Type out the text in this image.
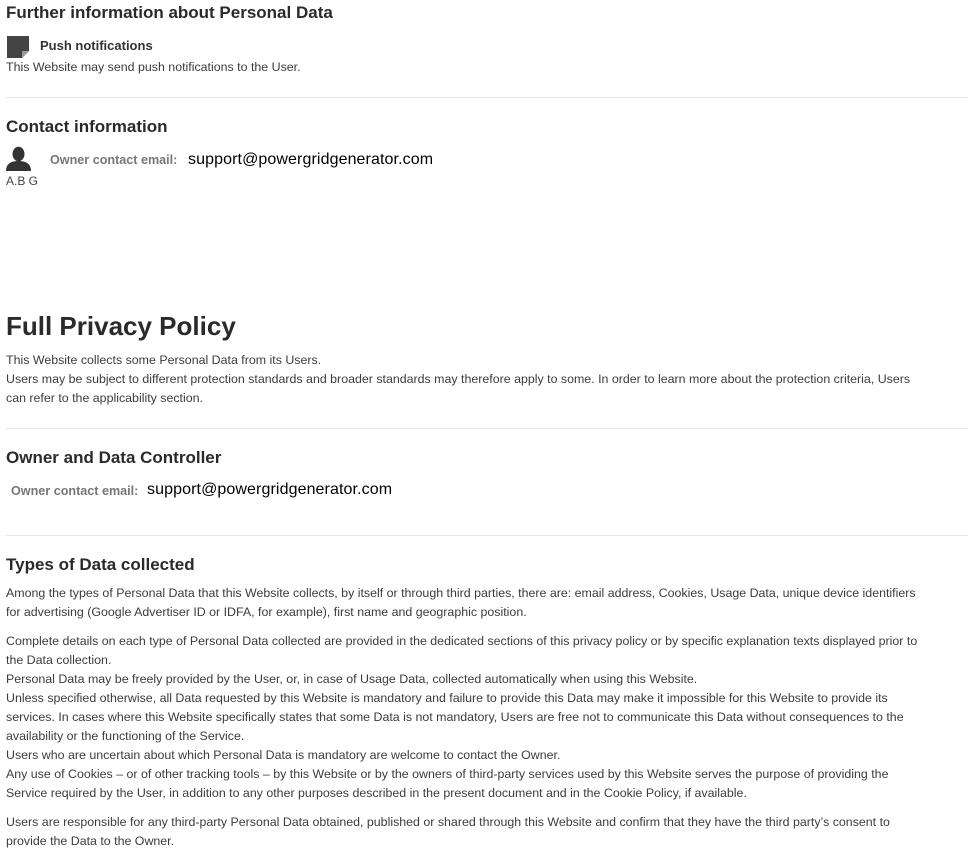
Further information about Personal Data
Push notifications
This Website may send push notifications to the User.
Contact information
Owner contact email: support@powergridgenerator.com
A.B G
Full Privacy Policy
This Website collects some Personal Data from its Users.
Users may be subject to different protection standards and broader standards may therefore apply to some. In order to learn more about the protection criteria, Users
can refer to the applicability section.
Owner and Data Controller
Owner contact email: support@powergridgenerator.com
Types of Data collected
Among the types of Personal Data that this Website collects, by itself or through third parties, there are: email address, Cookies, Usage Data, unique device identifiers
for advertising (Google Advertiser ID or IDFA, for example), first name and geographic position.
Complete details on each type of Personal Data collected are provided in the dedicated sections of this privacy policy or by specific explanation texts displayed prior to
the Data collection.
Personal Data may be freely provided by the User, or, in case of Usage Data, collected automatically when using this Website.
Unless specified otherwise, all Data requested by this Website is mandatory and failure to provide this Data may make it impossible for this Website to provide its
services. In cases where this Website specifically states that some Data is not mandatory, Users are free not to communicate this Data without consequences to the
availability or the functioning of the Service.
Users who are uncertain about which Personal Data is mandatory are welcome to contact the Owner.
Any use of Cookies – or of other tracking tools – by this Website or by the owners of third-party services used by this Website serves the purpose of providing the
Service required by the User, in addition to any other purposes described in the present document and in the Cookie Policy, if available.
Users are responsible for any third-party Personal Data obtained, published or shared through this Website and confirm that they have the third party’s consent to
provide the Data to the Owner.
